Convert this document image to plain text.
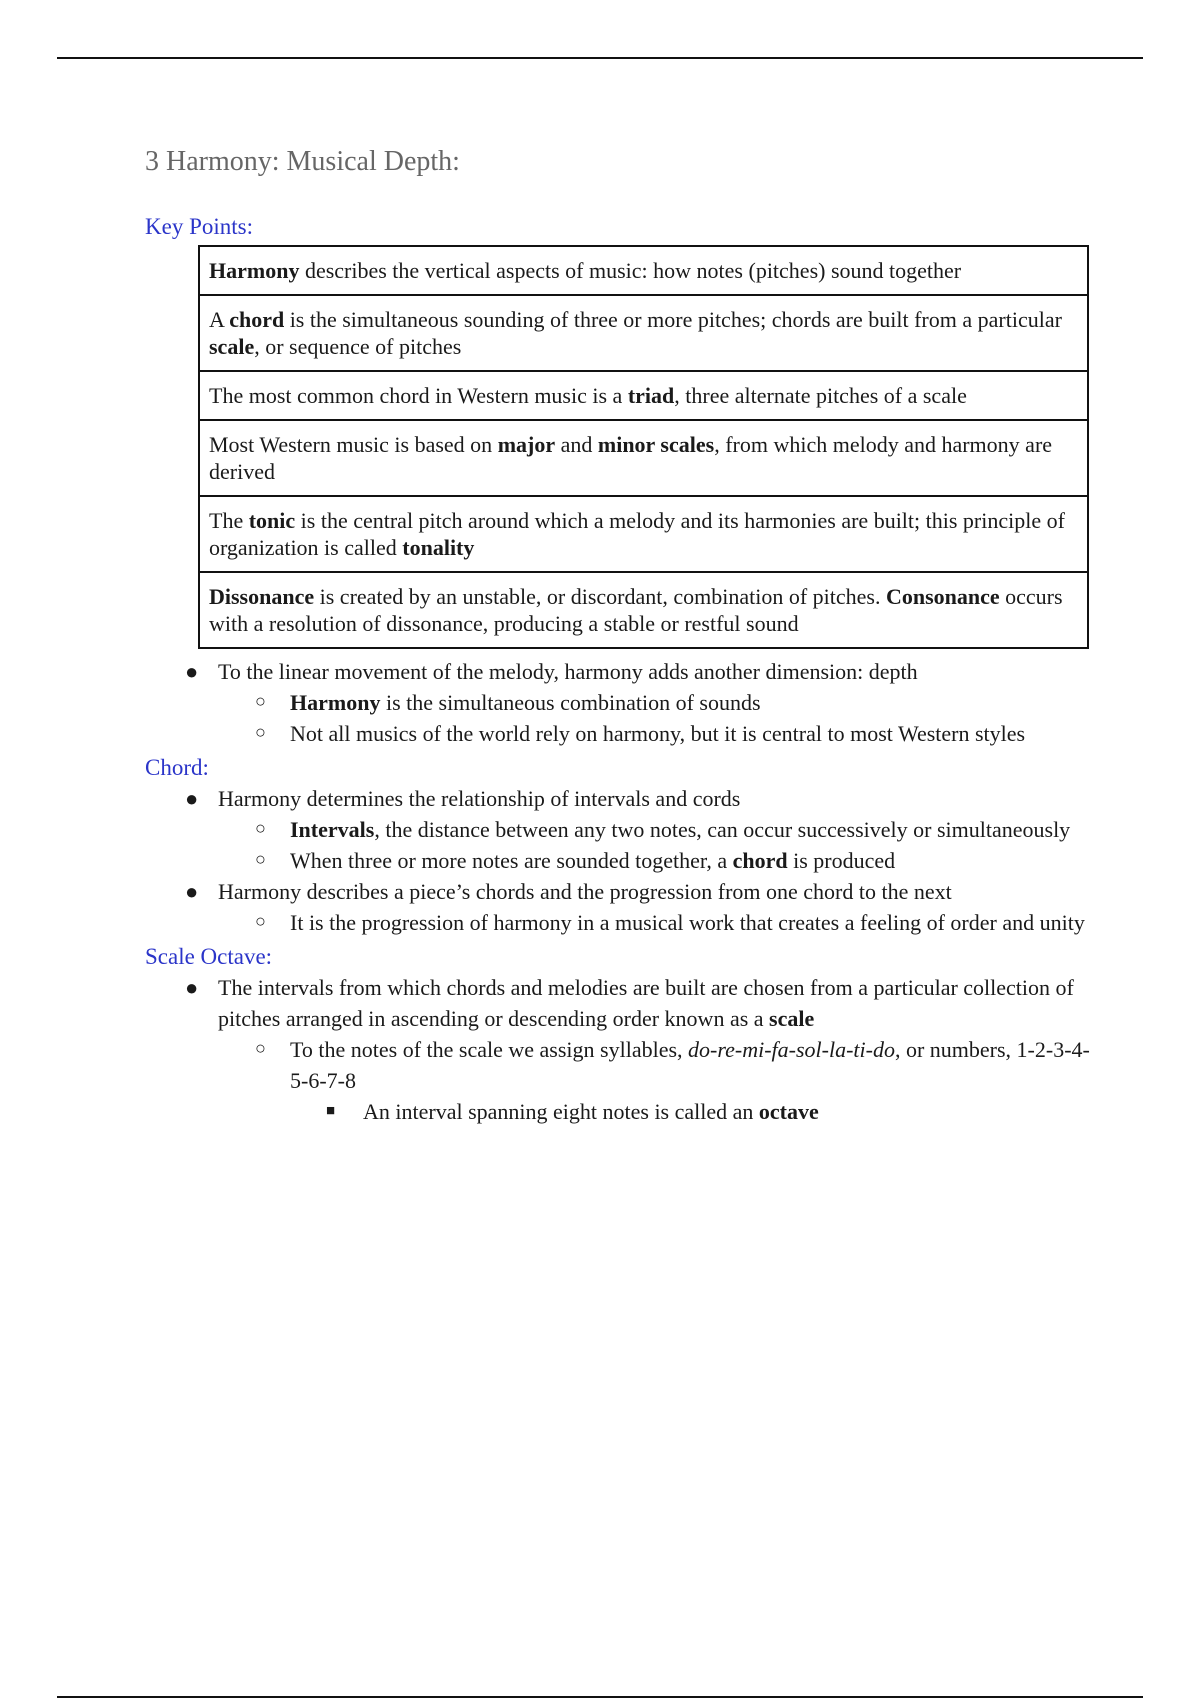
3 Harmony: Musical Depth:
Key Points:
Harmony describes the vertical aspects of music: how notes (pitches) sound together
A chord is the simultaneous sounding of three or more pitches; chords are built from a particular scale, or sequence of pitches
The most common chord in Western music is a triad, three alternate pitches of a scale
Most Western music is based on major and minor scales, from which melody and harmony are derived
The tonic is the central pitch around which a melody and its harmonies are built; this principle of organization is called tonality
Dissonance is created by an unstable, or discordant, combination of pitches. Consonance occurs with a resolution of dissonance, producing a stable or restful sound
● To the linear movement of the melody, harmony adds another dimension: depth
○ Harmony is the simultaneous combination of sounds
○ Not all musics of the world rely on harmony, but it is central to most Western styles
Chord:
● Harmony determines the relationship of intervals and cords
○ Intervals, the distance between any two notes, can occur successively or simultaneously
○ When three or more notes are sounded together, a chord is produced
● Harmony describes a piece’s chords and the progression from one chord to the next
○ It is the progression of harmony in a musical work that creates a feeling of order and unity
Scale Octave:
● The intervals from which chords and melodies are built are chosen from a particular collection of pitches arranged in ascending or descending order known as a scale
○ To the notes of the scale we assign syllables, do-re-mi-fa-sol-la-ti-do, or numbers, 1-2-3-4-5-6-7-8
■ An interval spanning eight notes is called an octave
